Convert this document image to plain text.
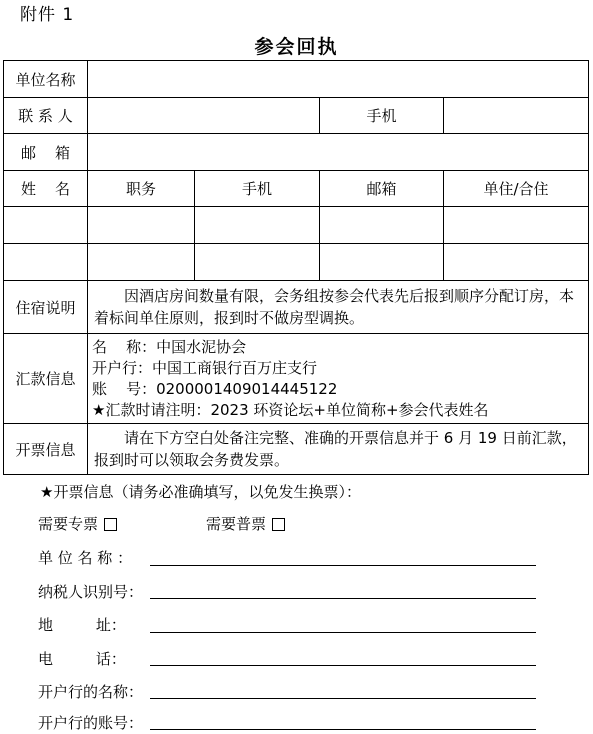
附件 1
参会回执
单位名称				
联 系 人			手机	
邮    箱				
姓    名	职务	手机	邮箱	单住/合住

住宿说明	因酒店房间数量有限，会务组按参会代表先后报到顺序分配订房，本着标间单住原则，报到时不做房型调换。			
汇款信息	名    称：中国水泥协会
开户行：中国工商银行百万庄支行
账    号：0200001409014445122
★汇款时请注明：2023 环资论坛+单位简称+参会代表姓名			

开票信息	请在下方空白处备注完整、准确的开票信息并于 6 月 19 日前汇款，报到时可以领取会务费发票。			
★开票信息（请务必准确填写，以免发生换票）：
需要专票	需要普票
单 位 名 称 ：
纳税人识别号：
地         址：
电         话：
开户行的名称：
开户行的账号：
